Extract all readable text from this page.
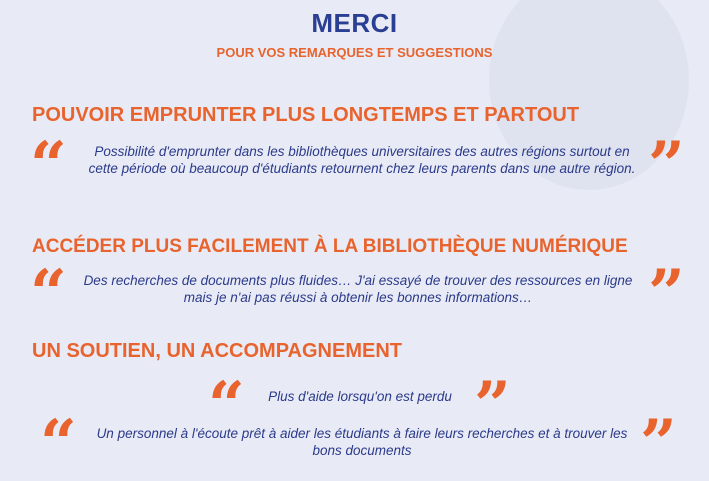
MERCI
POUR VOS REMARQUES ET SUGGESTIONS
POUVOIR EMPRUNTER PLUS LONGTEMPS ET PARTOUT
“	Possibilité d'emprunter dans les bibliothèques universitaires des autres régions surtout en cette période où beaucoup d'étudiants retournent chez leurs parents dans une autre région. ”
ACCÉDER PLUS FACILEMENT À LA BIBLIOTHÈQUE NUMÉRIQUE
“	Des recherches de documents plus fluides… J'ai essayé de trouver des ressources en ligne mais je n'ai pas réussi à obtenir les bonnes informations…	”
UN SOUTIEN, UN ACCOMPAGNEMENT
“	Plus d'aide lorsqu'on est perdu ”
“	Un personnel à l'écoute prêt à aider les étudiants à faire leurs recherches et à trouver les bons documents	”
